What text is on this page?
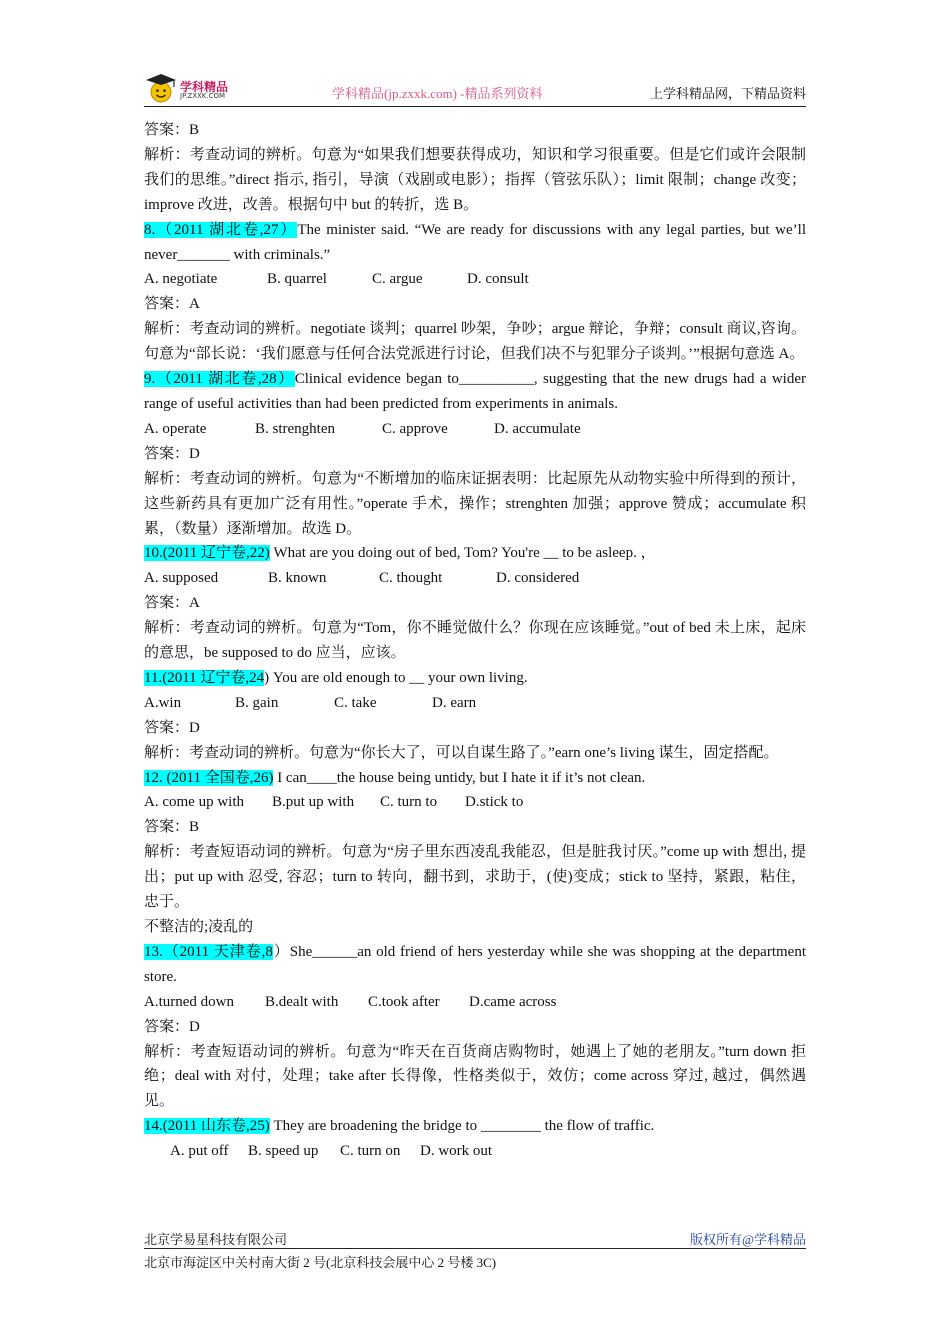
学科精品
JP.ZXXK.COM	学科精品(jp.zxxk.com) -精品系列资料	上学科精品网，下精品资料

答案：B

解析：考查动词的辨析。句意为“如果我们想要获得成功，知识和学习很重要。但是它们或许会限制我们的思维。”direct 指示, 指引，导演（戏剧或电影）；指挥（管弦乐队）；limit 限制；change 改变； improve 改进，改善。根据句中 but 的转折，选 B。

8.（2011 湖北卷,27）The minister said. “We are ready for discussions with any legal parties, but we’ll never_______ with criminals.”

A. negotiate	B. quarrel	C. argue	D. consult

答案：A

解析：考查动词的辨析。negotiate 谈判；quarrel 吵架，争吵；argue 辩论，争辩；consult 商议,咨询。句意为“部长说：‘我们愿意与任何合法党派进行讨论，但我们决不与犯罪分子谈判。’”根据句意选 A。

9.（2011 湖北卷,28）Clinical evidence began to__________, suggesting that the new drugs had a wider range of useful activities than had been predicted from experiments in animals.

A. operate	B. strenghten	C. approve	D. accumulate

答案：D

解析：考查动词的辨析。句意为“不断增加的临床证据表明：比起原先从动物实验中所得到的预计，这些新药具有更加广泛有用性。”operate 手术，操作；strenghten 加强；approve 赞成；accumulate 积累，（数量）逐渐增加。故选 D。

10.(2011 辽宁卷,22) What are you doing out of bed, Tom? You're __ to be asleep. ，

A. supposed	B. known	C. thought	D. considered

答案：A

解析：考查动词的辨析。句意为“Tom，你不睡觉做什么？你现在应该睡觉。”out of bed 未上床，起床的意思，be supposed to do 应当，应该。

11.(2011 辽宁卷,24) You are old enough to __ your own living.

A.win	B. gain	C. take	D. earn

答案：D

解析：考查动词的辨析。句意为“你长大了，可以自谋生路了。”earn one’s living 谋生，固定搭配。

12. (2011 全国卷,26) I can____the house being untidy, but I hate it if it’s not clean.

A. come up with B.put up with C. turn to D.stick to

答案：B

解析：考查短语动词的辨析。句意为“房子里东西凌乱我能忍，但是脏我讨厌。”come up with 想出, 提出；put up with 忍受, 容忍；turn to 转向，翻书到，求助于，(使)变成；stick to 坚持，紧跟，粘住， 忠于。

不整洁的;凌乱的

13.（2011 天津卷,8）She______an old friend of hers yesterday while she was shopping at the department store.

A.turned down B.dealt with C.took after D.came across

答案：D

解析：考查短语动词的辨析。句意为“昨天在百货商店购物时，她遇上了她的老朋友。”turn down 拒绝；deal with 对付，处理；take after 长得像，性格类似于，效仿；come across 穿过, 越过，偶然遇见。

14.(2011 山东卷,25) They are broadening the bridge to ________ the flow of traffic.

A. put off B. speed up C. turn on D. work out

北京学易星科技有限公司	版权所有@学科精品
北京市海淀区中关村南大街 2 号(北京科技会展中心 2 号楼 3C)
